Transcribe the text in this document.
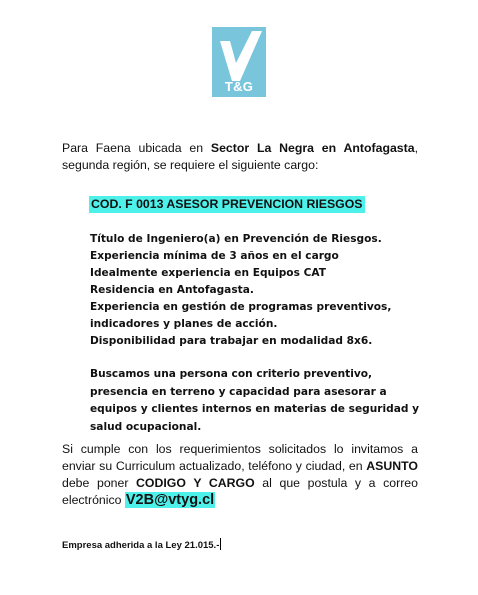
T&G
Para Faena ubicada en Sector La Negra en Antofagasta, segunda región, se requiere el siguiente cargo:
COD. F 0013 ASESOR PREVENCION RIESGOS
Título de Ingeniero(a) en Prevención de Riesgos.
Experiencia mínima de 3 años en el cargo
Idealmente experiencia en Equipos CAT
Residencia en Antofagasta.
Experiencia en gestión de programas preventivos,
indicadores y planes de acción.
Disponibilidad para trabajar en modalidad 8x6.
Buscamos una persona con criterio preventivo,
presencia en terreno y capacidad para asesorar a
equipos y clientes internos en materias de seguridad y
salud ocupacional.
Si cumple con los requerimientos solicitados lo invitamos a
enviar su Curriculum actualizado, teléfono y ciudad, en ASUNTO
debe poner CODIGO Y CARGO al que postula y a correo
electrónico V2B@vtyg.cl
Empresa adherida a la Ley 21.015.-
